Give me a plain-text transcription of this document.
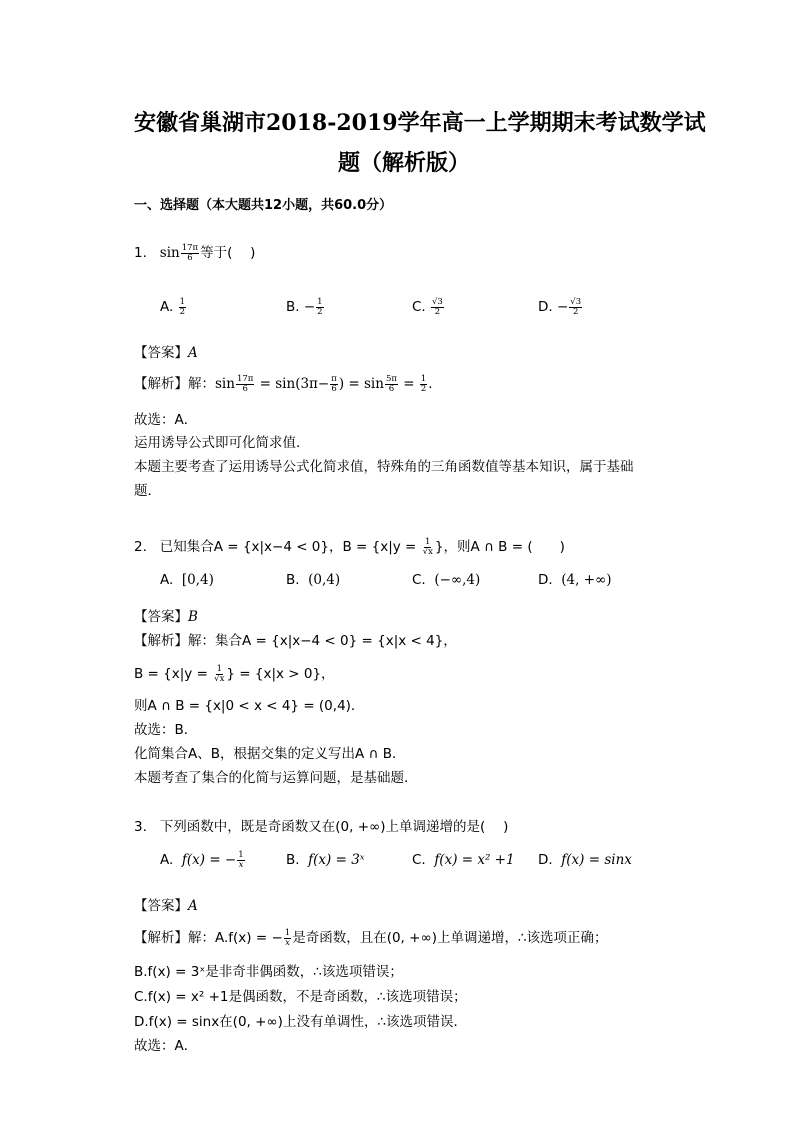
安徽省巢湖市2018-2019学年高一上学期期末考试数学试
题（解析版）
一、选择题（本大题共12小题，共60.0分）
1. $\sin \frac{17\pi}{6}$ 等于(　 )
A. $\frac{1}{2}$	B. − $\frac{1}{2}$	C. $\frac{√3}{2}$	D. − $\frac{√3}{2}$
【答案】A
【解析】解：$\sin \frac{17\pi}{6} = \sin(3\pi- \frac{\pi}{6}$ ) = $\sin \frac{5\pi}{6} = \frac{1}{2}$ .
故选：A．
运用诱导公式即可化简求值．
本题主要考查了运用诱导公式化简求值，特殊角的三角函数值等基本知识，属于基础
题．
2. 已知集合A = {x|x−4 < 0}，$B = \{x|y = \frac{1}{√x}$ }，则A ∩ B = (　　)
A. [0,4)	B. (0,4)	C. (−∞,4)	D. (4, +∞)
【答案】B
【解析】解：集合A = {x|x−4 < 0} = {x|x < 4}，
$B = \{x|y = \frac{1}{√x}$ } = {x|x > 0}，
则A ∩ B = {x|0 < x < 4} = (0,4)．
故选：B．
化简集合A、B，根据交集的定义写出A ∩ B．
本题考查了集合的化简与运算问题，是基础题．
3. 下列函数中，既是奇函数又在(0, +∞)上单调递增的是(　 )
A. f(x) = − $\frac{1}{x}$	B. f(x) = 3ˣ	C. f(x) = x² +1 D. f(x) = sinx
【答案】A
【解析】解：A.f(x) = − $\frac{1}{x}$ 是奇函数，且在(0, +∞)上单调递增，∴该选项正确；
B.f(x) = 3ˣ是非奇非偶函数，∴该选项错误；
C.f(x) = x² +1是偶函数，不是奇函数，∴该选项错误；
D.f(x) = sinx在(0, +∞)上没有单调性，∴该选项错误．
故选：A．
